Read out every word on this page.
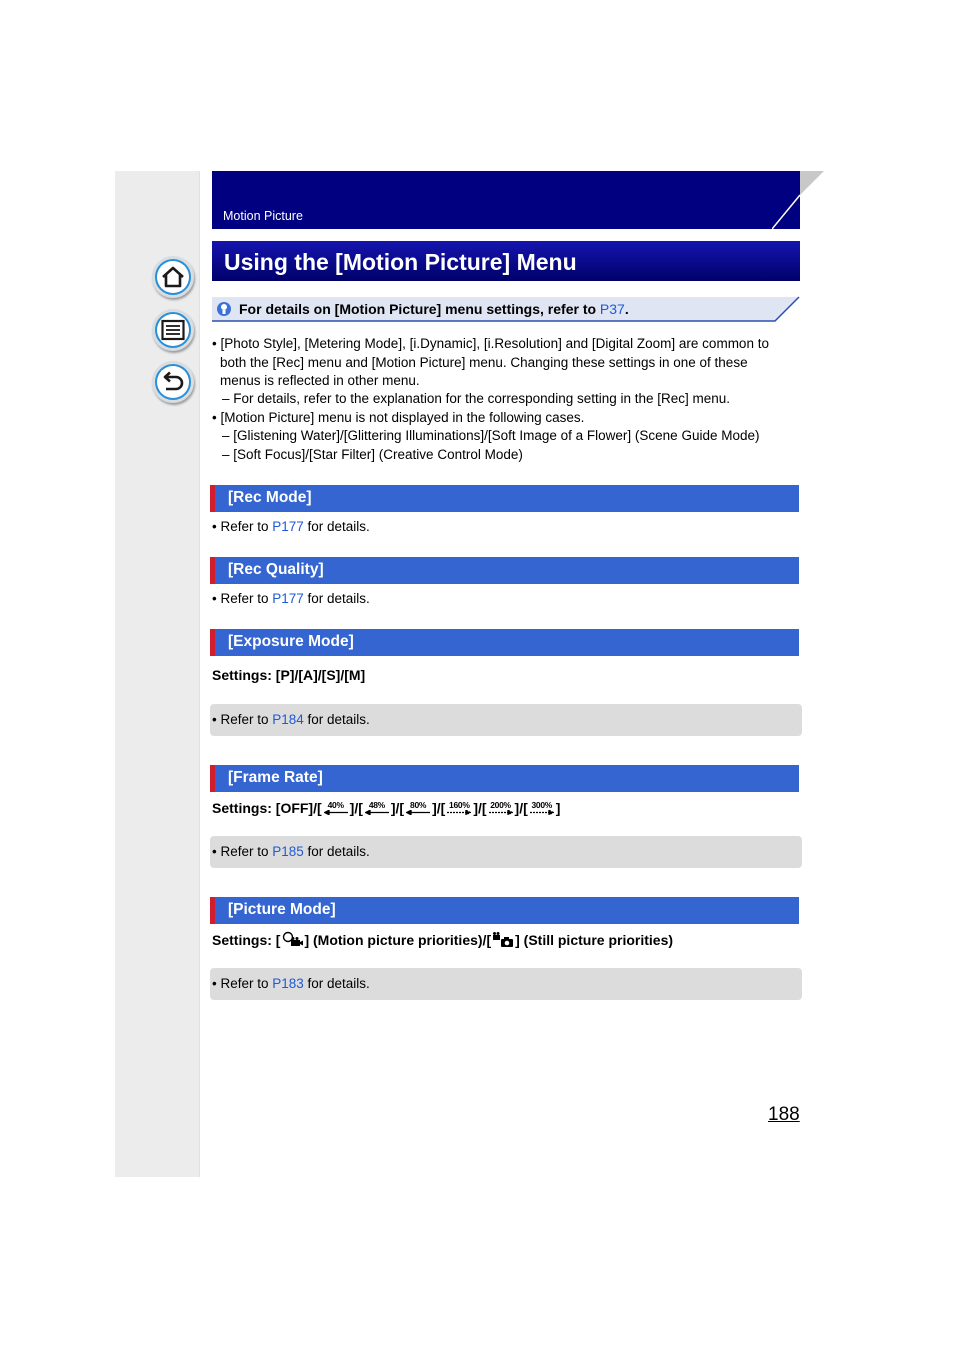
Motion Picture
Using the [Motion Picture] Menu
For details on [Motion Picture] menu settings, refer to P37.
• [Photo Style], [Metering Mode], [i.Dynamic], [i.Resolution] and [Digital Zoom] are common to
both the [Rec] menu and [Motion Picture] menu. Changing these settings in one of these
menus is reflected in other menu.
– For details, refer to the explanation for the corresponding setting in the [Rec] menu.
• [Motion Picture] menu is not displayed in the following cases.
– [Glistening Water]/[Glittering Illuminations]/[Soft Image of a Flower] (Scene Guide Mode)
– [Soft Focus]/[Star Filter] (Creative Control Mode)
[Rec Mode]
• Refer to P177 for details.
[Rec Quality]
• Refer to P177 for details.
[Exposure Mode]
Settings: [P]/[A]/[S]/[M]
• Refer to P184 for details.
[Frame Rate]
Settings: [OFF]/[ 40% ]/[ 48% ]/[ 80% ]/[ 160% ]/[ 200% ]/[ 300% ]
• Refer to P185 for details.
[Picture Mode]
Settings: [ ] (Motion picture priorities)/[ ] (Still picture priorities)
• Refer to P183 for details.
188
